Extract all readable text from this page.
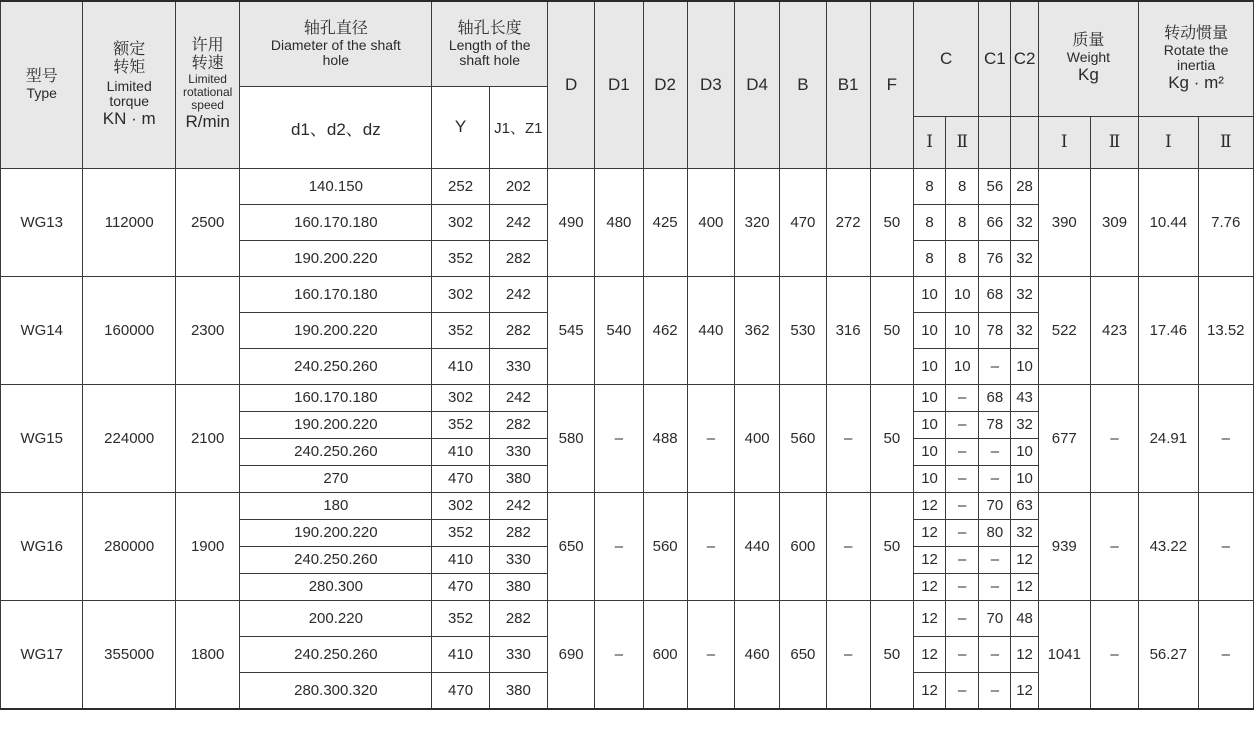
型号
Type	额定转矩
Limited torque
KN · m	许用转速
Limited rotational speed
R/min	轴孔直径
Diameter of the shaft hole	轴孔长度
Length of the shaft hole		D	D1	D2	D3	D4	B	B1	F	C		C1	C2	质量
Weight
Kg		转动惯量
Rotate the inertia
Kg · m²	

			d1、d2、dz	Y	J1、Z1																
														Ⅰ	Ⅱ			Ⅰ	Ⅱ	Ⅰ	Ⅱ
WG13	112000	2500	140.150	252	202	490	480	425	400	320	470	272	50	8	8	56	28	390	309	10.44	7.76
			160.170.180	302	242									8	8	66	32				
			190.200.220	352	282									8	8	76	32				
WG14	160000	2300	160.170.180	302	242	545	540	462	440	362	530	316	50	10	10	68	32	522	423	17.46	13.52
			190.200.220	352	282									10	10	78	32				
			240.250.260	410	330									10	10	–	10				
WG15	224000	2100	160.170.180	302	242	580	–	488	–	400	560	–	50	10	–	68	43	677	–	24.91	–
			190.200.220	352	282									10	–	78	32				
			240.250.260	410	330									10	–	–	10				
			270	470	380									10	–	–	10				
WG16	280000	1900	180	302	242	650	–	560	–	440	600	–	50	12	–	70	63	939	–	43.22	–
			190.200.220	352	282									12	–	80	32				
			240.250.260	410	330									12	–	–	12				
			280.300	470	380									12	–	–	12				
WG17	355000	1800	200.220	352	282	690	–	600	–	460	650	–	50	12	–	70	48	1041	–	56.27	–
			240.250.260	410	330									12	–	–	12				
			280.300.320	470	380									12	–	–	12				
